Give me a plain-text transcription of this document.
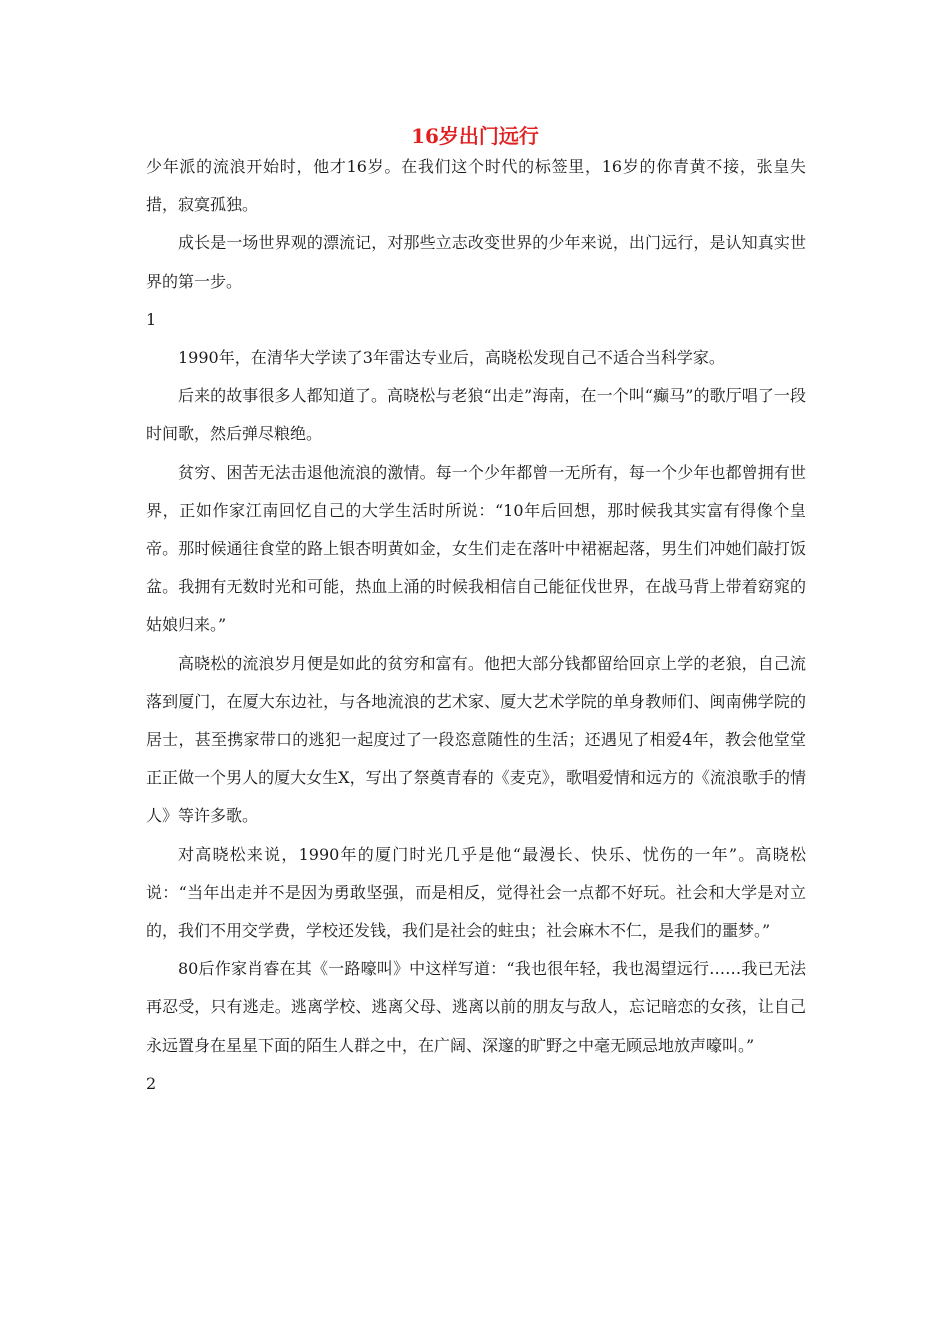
16岁出门远行

少年派的流浪开始时，他才16岁。在我们这个时代的标签里，16岁的你青黄不接，张皇失措，寂寞孤独。

成长是一场世界观的漂流记，对那些立志改变世界的少年来说，出门远行，是认知真实世界的第一步。

1

1990年，在清华大学读了3年雷达专业后，高晓松发现自己不适合当科学家。

后来的故事很多人都知道了。高晓松与老狼“出走”海南，在一个叫“癫马”的歌厅唱了一段时间歌，然后弹尽粮绝。

贫穷、困苦无法击退他流浪的激情。每一个少年都曾一无所有，每一个少年也都曾拥有世界，正如作家江南回忆自己的大学生活时所说：“10年后回想，那时候我其实富有得像个皇帝。那时候通往食堂的路上银杏明黄如金，女生们走在落叶中裙裾起落，男生们冲她们敲打饭盆。我拥有无数时光和可能，热血上涌的时候我相信自己能征伐世界，在战马背上带着窈窕的姑娘归来。”

高晓松的流浪岁月便是如此的贫穷和富有。他把大部分钱都留给回京上学的老狼，自己流落到厦门，在厦大东边社，与各地流浪的艺术家、厦大艺术学院的单身教师们、闽南佛学院的居士，甚至携家带口的逃犯一起度过了一段恣意随性的生活；还遇见了相爱4年，教会他堂堂正正做一个男人的厦大女生X，写出了祭奠青春的《麦克》，歌唱爱情和远方的《流浪歌手的情人》等许多歌。

对高晓松来说，1990年的厦门时光几乎是他“最漫长、快乐、忧伤的一年”。高晓松说：“当年出走并不是因为勇敢坚强，而是相反，觉得社会一点都不好玩。社会和大学是对立的，我们不用交学费，学校还发钱，我们是社会的蛀虫；社会麻木不仁，是我们的噩梦。”

80后作家肖睿在其《一路嚎叫》中这样写道：“我也很年轻，我也渴望远行……我已无法再忍受，只有逃走。逃离学校、逃离父母、逃离以前的朋友与敌人，忘记暗恋的女孩，让自己永远置身在星星下面的陌生人群之中，在广阔、深邃的旷野之中毫无顾忌地放声嚎叫。”

2
